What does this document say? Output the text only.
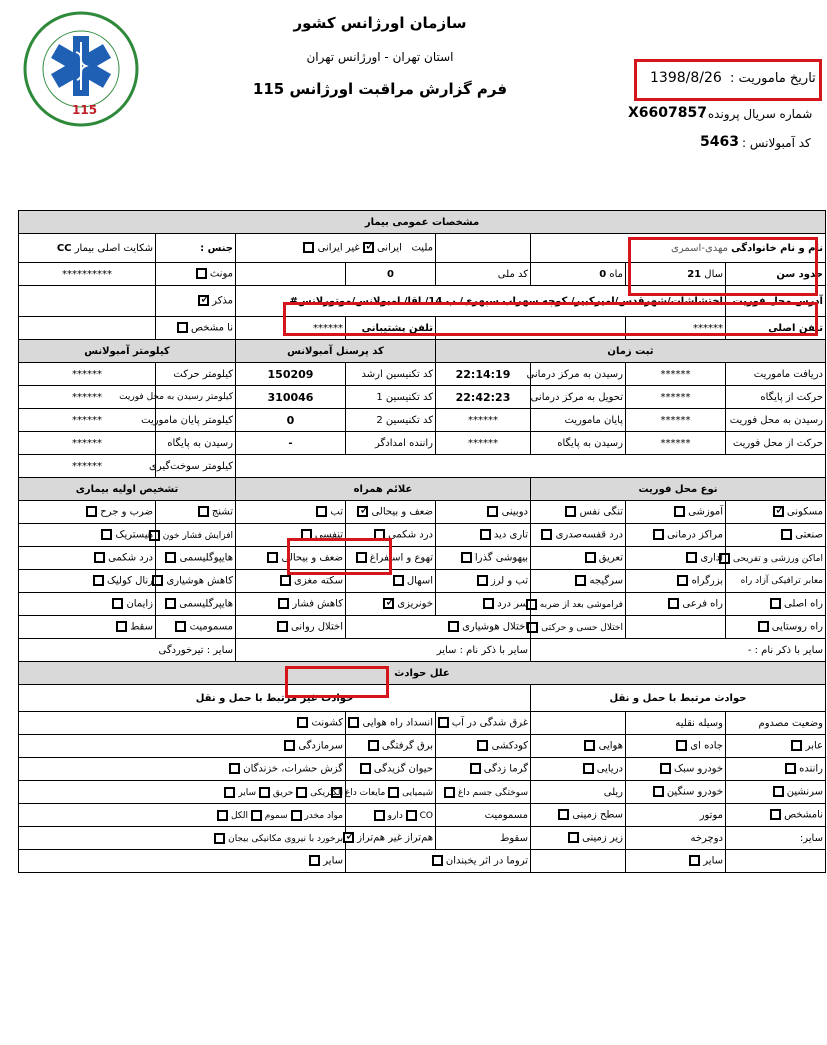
115
سازمان اورژانس کشور
استان تهران - اورژانس تهران
فرم گزارش مراقبت اورژانس 115
تاریخ ماموریت :
1398/8/26
شماره سریال پرونده :
X6607857
کد آمبولانس :
5463
مشخصات عمومی بیمار							
نام و نام خانوادگی مهدی-اسمری				ملیت   ایرانی ✓ غیر ایرانی		جنس :	شکایت اصلی بیمار CC
حدود سن	سال 21	ماه 0	کد ملی	0		مونث	**********
آدرس محل فوریت	اختشاشات/شهرقدس/امیرکبیر/ کوچه سهراب سپهری/ پ 14/ اقا/ امبولانس/موتورلانس#					مذکر ✓	
تلفن اصلی	******			تلفن پشتیبانی	******	نا مشخص	
ثبت زمان				کد پرسنل آمبولانس		کیلومتر آمبولانس	
دریافت ماموریت	******	رسیدن به مرکز درمانی	22:14:19	کد تکنیسین ارشد	150209	کیلومتر حرکت	******
حرکت از پایگاه	******	تحویل به مرکز درمانی	22:42:23	کد تکنیسین 1	310046	کیلومتر رسیدن به محل فوریت	******
رسیدن به محل فوریت	******	پایان ماموریت	******	کد تکنیسین 2	0	کیلومتر پایان ماموریت	******
حرکت از محل فوریت	******	رسیدن به پایگاه	******	راننده امدادگر	-	رسیدن به پایگاه	******
						کیلومتر سوخت‌گیری	******
نوع محل فوریت			علائم همراه			تشخیص اولیه بیماری	
مسکونی ✓	آموزشی	تنگی نفس	دوبینی	ضعف و بیحالی ✓	تب	تشنج	ضرب و جرح
صنعتی	مراکز درمانی	درد قفسه‌صدری	تاری دید	درد شکمی	تنفسی	افزایش فشار خون	هیستریک
اماکن ورزشی و تفریحی	اداری	تعریق	بیهوشی گذرا	تهوع و استفراغ	ضعف و بیحالی	هایپوگلیسمی	درد شکمی
معابر ترافیکی آزاد راه	بزرگراه	سرگیجه	تب و لرز	اسهال	سکته مغزی	کاهش هوشیاری	رنال کولیک
راه اصلی	راه فرعی	فراموشی بعد از ضربه	سر درد	خونریزی ✓	کاهش فشار	هایپرگلیسمی	زایمان
راه روستایی		اختلال حسی و حرکتی	اختلال هوشیاری		اختلال روانی	مسمومیت	سقط
سایر با ذکر نام : -			سایر با ذکر نام : سایر			سایر : تیرخوردگی	
علل حوادث							
حوادث مرتبط با حمل و نقل			حوادث غیر مرتبط با حمل و نقل				
وضعیت مصدوم	وسیله نقلیه		غرق شدگی در آب	انسداد راه هوایی	کشونت		
عابر	جاده ای	هوایی	کودکشی	برق گرفتگی	سرمازدگی		
راننده	خودرو سبک	دریایی	گرما زدگی	حیوان گزیدگی	گزش حشرات، خزندگان		
سرنشین	خودرو سنگین	ریلی	سوختگی جسم داغ	شیمیایی  مایعات داغ	الکتریکی  حریق  سایر		
نامشخص	موتور	سطح زمینی	مسمومیت	CO  دارو	مواد مخدر  سموم  الکل		
سایر:	دوچرخه	زیر زمینی	سقوط	هم‌تراز غیر هم‌تراز ✓	برخورد با نیروی مکانیکی بیجان		
	سایر		تروما در اثر یخبندان		سایر		
